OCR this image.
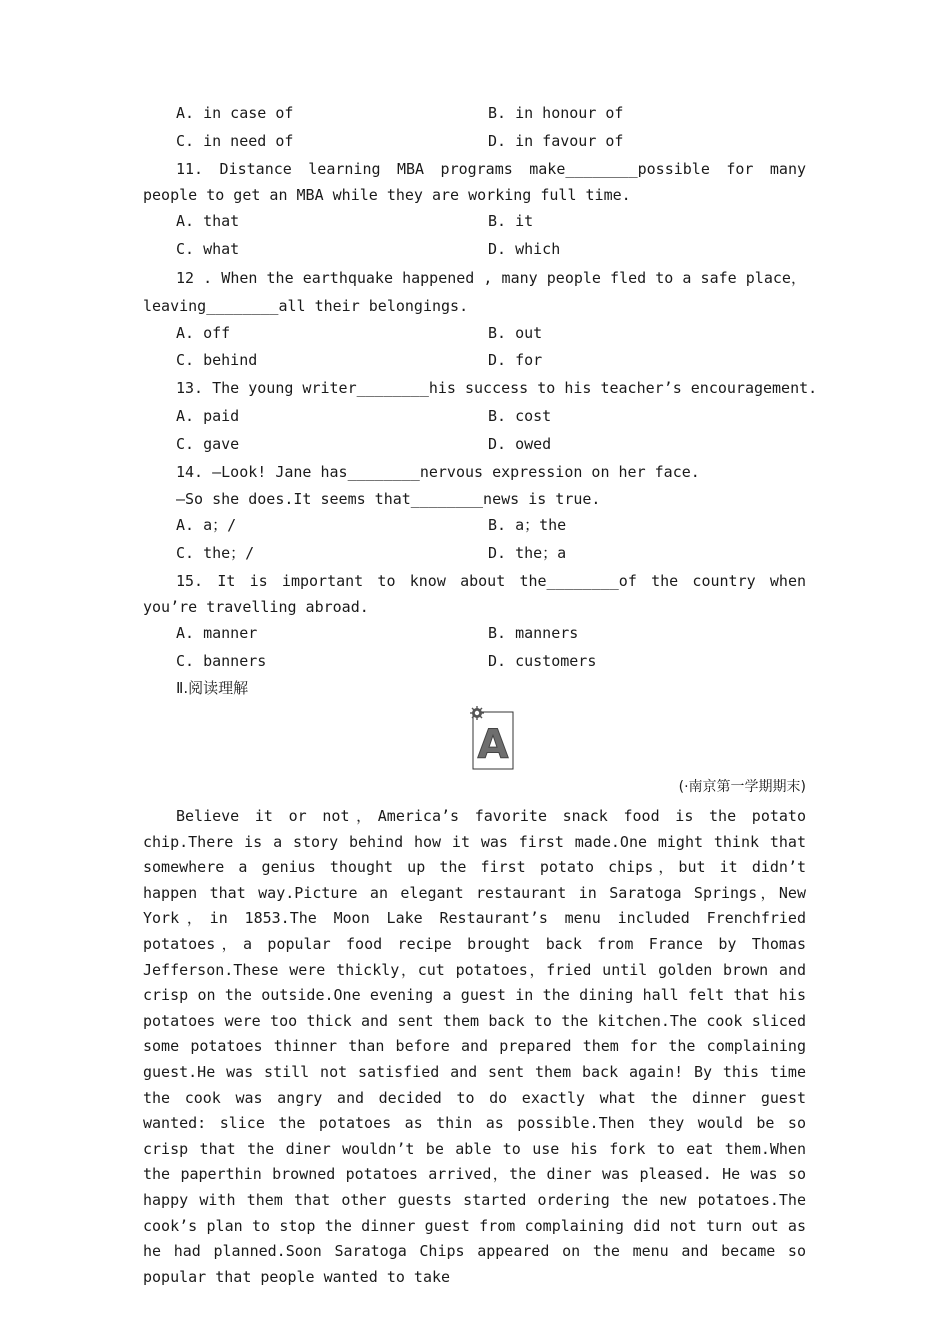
A. in case of	B. in honour of
C. in need of	D. in favour of
11. Distance learning MBA programs make________possible for many people to get an MBA while they are working full time.
A. that	B. it
C. what	D. which
12 . When the earthquake happened , many people fled to a safe place，leaving________all their belongings.
A. off	B. out
C. behind	D. for
13. The young writer________his success to his teacher’s encouragement.
A. paid	B. cost
C. gave	D. owed
14. —Look! Jane has________nervous expression on her face.
—So she does.It seems that________news is true.
A. a；/	B. a；the
C. the；/	D. the；a
15. It is important to know about the________of the country when you’re travelling abroad.
A. manner	B. manners
C. banners	D. customers
Ⅱ.阅读理解
A
(·南京第一学期期末)
Believe it or not，America’s favorite snack food is the potato chip.There is a story behind how it was first made.One might think that somewhere a genius thought up the first potato chips，but it didn’t happen that way.Picture an elegant restaurant in Saratoga Springs，New York，in 1853.The Moon Lake Restaurant’s menu included Frenchfried potatoes，a popular food recipe brought back from France by Thomas Jefferson.These were thickly，cut potatoes，fried until golden brown and crisp on the outside.One evening a guest in the dining hall felt that his potatoes were too thick and sent them back to the kitchen.The cook sliced some potatoes thinner than before and prepared them for the complaining guest.He was still not satisfied and sent them back again! By this time the cook was angry and decided to do exactly what the dinner guest wanted: slice the potatoes as thin as possible.Then they would be so crisp that the diner wouldn’t be able to use his fork to eat them.When the paperthin browned potatoes arrived，the diner was pleased. He was so happy with them that other guests started ordering the new potatoes.The cook’s plan to stop the dinner guest from complaining did not turn out as he had planned.Soon Saratoga Chips appeared on the menu and became so popular that people wanted to take
